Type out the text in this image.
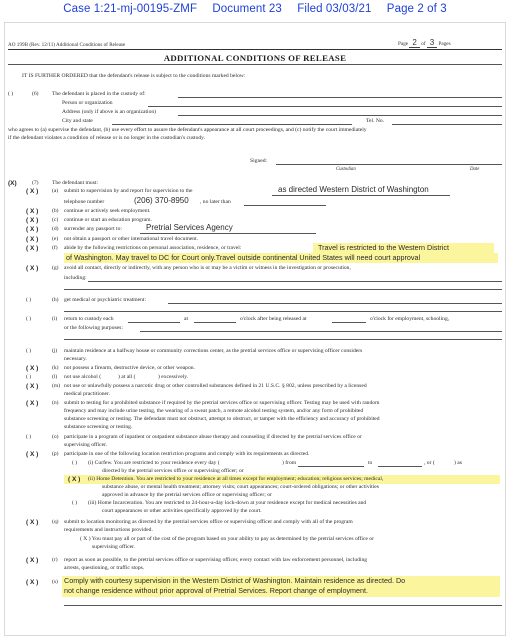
Case 1:21-mj-00195-ZMF Document 23 Filed 03/03/21 Page 2 of 3
AO 199B (Rev. 12/11) Additional Conditions of Release	Page 2 of 3 Pages
ADDITIONAL CONDITIONS OF RELEASE
IT IS FURTHER ORDERED that the defendant's release is subject to the conditions marked below:
( )	(6) The defendant is placed in the custody of:
Person or organization
Address (only if above is an organization)
City and state	Tel. No.
who agrees to (a) supervise the defendant, (b) use every effort to assure the defendant's appearance at all court proceedings, and (c) notify the court immediately
if the defendant violates a condition of release or is no longer in the custodian's custody.
Signed:
Custodian	Date
(X)	(7) The defendant must:
( X ) (a) submit to supervision by and report for supervision to the	as directed Western District of Washington
telephone number	(206) 370-8950 , no later than
( X ) (b) continue or actively seek employment.
( X ) (c) continue or start an education program.
( X ) (d) surrender any passport to:	Pretrial Services Agency
( X ) (e) not obtain a passport or other international travel document.
( X ) (f) abide by the following restrictions on personal association, residence, or travel:	Travel is restricted to the Western District
of Washington. May travel to DC for Court only.Travel outside continental United States will need court approval
( X ) (g) avoid all contact, directly or indirectly, with any person who is or may be a victim or witness in the investigation or prosecution,
including:
( )	(h) get medical or psychiatric treatment:
( )	(i) return to custody each	at	o'clock after being released at	o'clock for employment, schooling,
or the following purposes:
( )	(j) maintain residence at a halfway house or community corrections center, as the pretrial services office or supervising officer considers
necessary.
( X ) (k) not possess a firearm, destructive device, or other weapon.
( )	(l) not use alcohol (	) at all (	) excessively.
( X ) (m) not use or unlawfully possess a narcotic drug or other controlled substances defined in 21 U.S.C. § 802, unless prescribed by a licensed
medical practitioner.
( X ) (n) submit to testing for a prohibited substance if required by the pretrial services office or supervising officer. Testing may be used with random
frequency and may include urine testing, the wearing of a sweat patch, a remote alcohol testing system, and/or any form of prohibited
substance screening or testing. The defendant must not obstruct, attempt to obstruct, or tamper with the efficiency and accuracy of prohibited
substance screening or testing.
( )	(o) participate in a program of inpatient or outpatient substance abuse therapy and counseling if directed by the pretrial services office or
supervising officer.
( X ) (p) participate in one of the following location restriction programs and comply with its requirements as directed.
( ) (i) Curfew. You are restricted to your residence every day (	) from	to	, or (	) as
directed by the pretrial services office or supervising officer; or
( X ) (ii) Home Detention. You are restricted to your residence at all times except for employment; education; religious services; medical,
substance abuse, or mental health treatment; attorney visits; court appearances; court-ordered obligations; or other activities
approved in advance by the pretrial services office or supervising officer; or
( ) (iii) Home Incarceration. You are restricted to 24-hour-a-day lock-down at your residence except for medical necessities and
court appearances or other activities specifically approved by the court.
( X ) (q) submit to location monitoring as directed by the pretrial services office or supervising officer and comply with all of the program
requirements and instructions provided.
( X ) You must pay all or part of the cost of the program based on your ability to pay as determined by the pretrial services office or
supervising officer.
( X ) (r) report as soon as possible, to the pretrial services office or supervising officer, every contact with law enforcement personnel, including
arrests, questioning, or traffic stops.
( X ) (s) Comply with courtesy supervision in the Western District of Washington. Maintain residence as directed. Do
not change residence without prior approval of Pretrial Services. Report change of employment.
